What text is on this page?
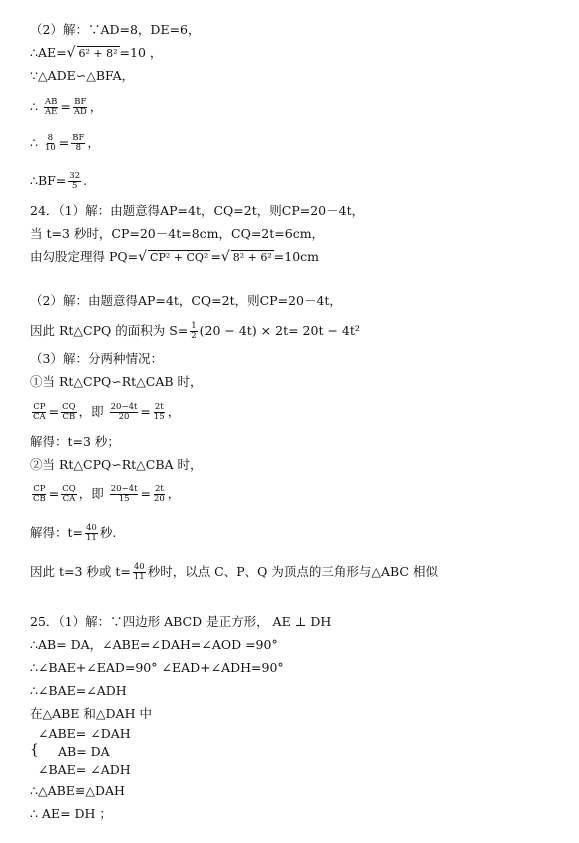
（2）解：∵AD=8，DE=6，
∴AE=√ 6² + 8² =10 ，
∵△ADE∽△BFA，
∴ $\frac{AB}{AE} = \frac{BF}{AD}$ ，
∴ $\frac{8}{10} = \frac{BF}{8}$ ，
∴BF= $\frac{32}{5}$ .
24．（1）解：由题意得AP=4t，CQ=2t，则CP=20－4t，
当 t=3 秒时，CP=20－4t=8cm，CQ=2t=6cm，
由勾股定理得 PQ=√ CP² + CQ² =√ 8² + 6² =10cm
（2）解：由题意得AP=4t，CQ=2t，则CP=20－4t，
因此 Rt△CPQ 的面积为 $S= \frac{1}{2} (20 - 4t) \times 2t= 20t - 4t^2$
（3）解：分两种情况：
①当 Rt△CPQ∽Rt△CAB 时，
$\frac{CP}{CA} = \frac{CQ}{CB}$ ，即 $\frac{20-4t}{20} = \frac{2t}{15}$ ，
解得：t=3 秒；
②当 Rt△CPQ∽Rt△CBA 时，
$\frac{CP}{CB} = \frac{CQ}{CA}$ ，即 $\frac{20-4t}{15} = \frac{2t}{20}$ ，
解得：$t= \frac{40}{11}$ 秒.
因此 t=3 秒或 $t= \frac{40}{11}$ 秒时，以点 C、P、Q 为顶点的三角形与△ABC 相似
25．（1）解：∵四边形 ABCD 是正方形， AE ⊥ DH
∴AB= DA，∠ABE=∠DAH=∠AOD =90°
∴∠BAE+∠EAD=90° ∠EAD+∠ADH=90°
∴∠BAE=∠ADH
在△ABE 和△DAH 中
∠ABE= ∠DAH
{ AB= DA
∠BAE= ∠ADH
∴△ABE≌△DAH
∴ AE= DH ；
